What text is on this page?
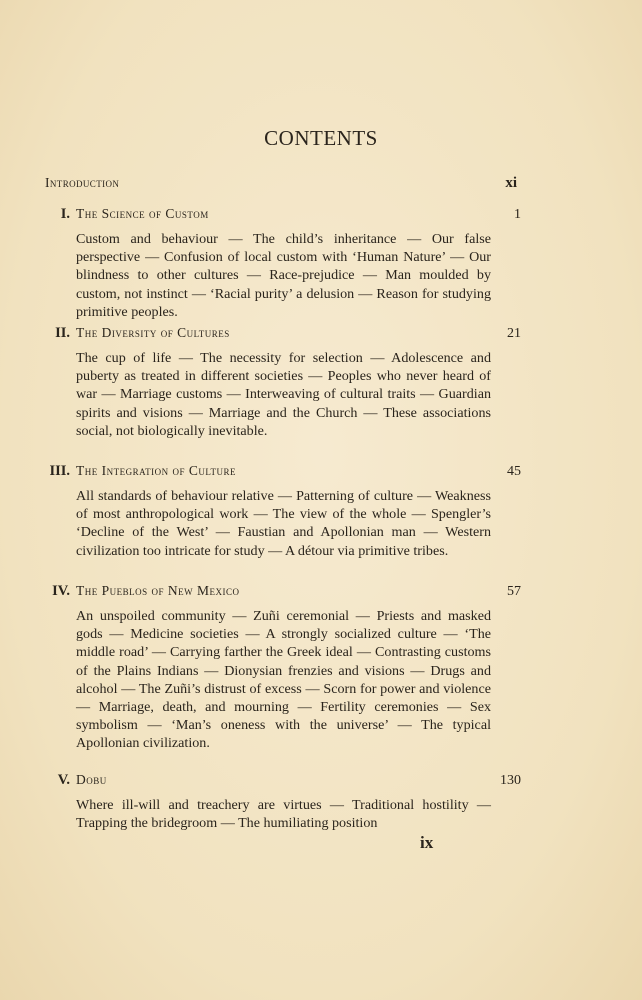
CONTENTS
Introduction	xi
I. The Science of Custom	1
Custom and behaviour — The child’s inheritance — Our false perspective — Confusion of local custom with ‘Human Nature’ — Our blindness to other cultures — Race-prejudice — Man moulded by custom, not instinct — ‘Racial purity’ a delusion — Reason for studying primitive peoples.
II. The Diversity of Cultures	21
The cup of life — The necessity for selection — Adolescence and puberty as treated in different societies — Peoples who never heard of war — Marriage customs — Interweaving of cultural traits — Guardian spirits and visions — Marriage and the Church — These associations social, not biologically inevitable.
III. The Integration of Culture	45
All standards of behaviour relative — Patterning of culture — Weakness of most anthropological work — The view of the whole — Spengler’s ‘Decline of the West’ — Faustian and Apollonian man — Western civilization too intricate for study — A détour via primitive tribes.
IV. The Pueblos of New Mexico	57
An unspoiled community — Zuñi ceremonial — Priests and masked gods — Medicine societies — A strongly socialized culture — ‘The middle road’ — Carrying farther the Greek ideal — Contrasting customs of the Plains Indians — Dionysian frenzies and visions — Drugs and alcohol — The Zuñi’s distrust of excess — Scorn for power and violence — Marriage, death, and mourning — Fertility ceremonies — Sex symbolism — ‘Man’s oneness with the universe’ — The typical Apollonian civilization.
V. Dobu	130
Where ill-will and treachery are virtues — Traditional hostility — Trapping the bridegroom — The humiliating position
ix
